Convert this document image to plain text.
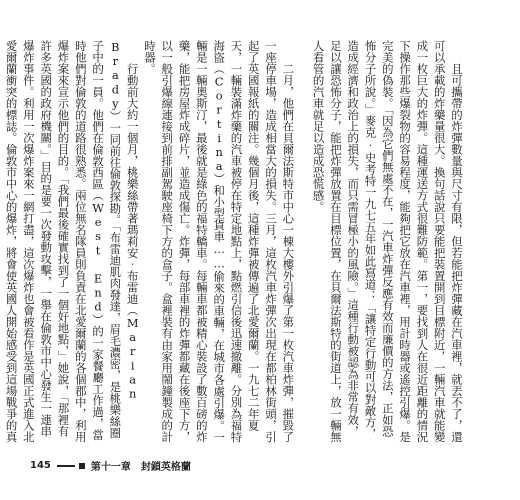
且可攜帶的炸彈數量與尺寸有限，但若能把炸彈藏在汽車裡，就丟不了，還可以承載的炸藥量很大。換句話說只要能把裝置開到目標附近，一輛汽車就能變成一枚巨大的炸彈。這種運送方式很難防範。第一，要找到人在很近距離的情況下操作那些爆裂物的容易程度，能夠把它放在汽車裡，用計時器或遙控引爆。是完美的偽裝。「因為它們無處不在，一汽車炸彈反應有效而廉價的方法，正如恐怖分子所說。」麥克·史考特一九七五年如此寫道：「讓特定行動可以對敵方，造成經濟和政治上的損失，而只需冒極小的風險。」這種行動被認為非常有效，足以讓恐怖分子，能把炸彈放置在目標位置，在貝爾法斯特的街道上，放一輛無人看管的汽車就足以造成恐慌感。

二月，他們在貝爾法斯特市中心一棟大樓外引爆了第一枚汽車炸彈，摧毀了一座停車場，造成相當大的損失。三月，這枚汽車炸彈次出現在都柏林街頭，引起了英國報紙的關注。幾個月後，這種炸彈被傳遍了北愛爾蘭。一九七二年夏天，一輛裝滿炸藥的汽車被停在特定地點上，點燃引信後迅速撤離。分別為福特海盜（Cortina）和小型貨車……偷來的車輛，在城市各處引爆。一輛是一輛奧斯汀，最後就是綠色的福特轎車。每輛車都被精心裝設了數百磅的炸藥，能把房屋炸成碎片，並造成傷亡。炸彈，每部車裡的炸彈都藏在後座下方，以一般引爆線連接到前排副駕駛座椅下方的盒子。盒裡裝有由家用鬧鐘製成的計時器。

行動前大約一個月，桃樂絲帶著瑪莉安‧布雷迪（Marian Brady）一同前往倫敦探勘。「布雷迪肌肉發達，眉毛濃密，是桃樂絲圈子中的一員。他們在倫敦西區（West End）的一家餐廳工作過，當時他們對倫敦的道路很熟悉。兩位無名隊員則負責在北愛爾蘭的各個郡中，利用爆炸案來宣示他們的目的。「我們最後確實找到了一個好地點，」她說，「那裡有許多英國的政府機關。」目的是要一次發動攻擊，一舉在倫敦市中心發生一連串爆炸事件。利用一次爆炸案來一網打盡，這次爆炸也會被看作是英國正式進入北愛爾蘭衝突的標誌。倫敦市中心的爆炸，將會使英國人開始感受到這場戰爭的真

145	第十一章 封鎖英格蘭
